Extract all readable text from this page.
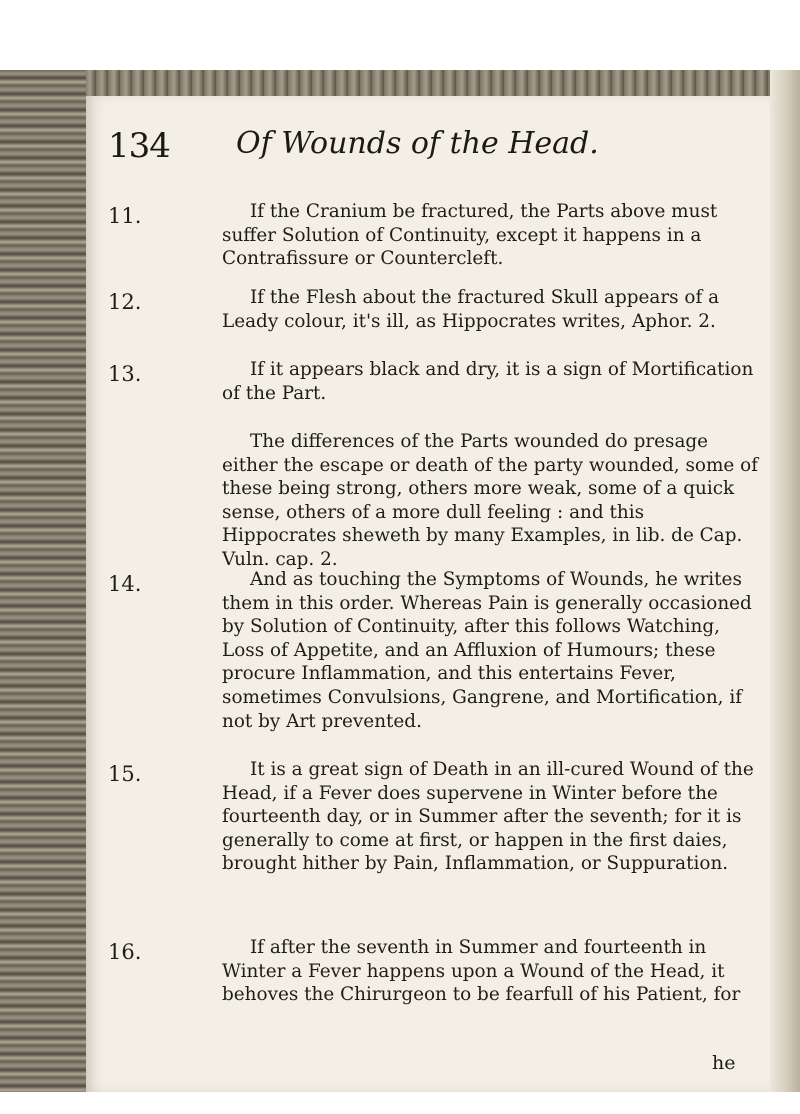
134 Of Wounds of the Head.
11.	If the Cranium be fractured, the Parts above must suffer Solution of Continuity, except it happens in a Contrafissure or Countercleft.
12.	If the Flesh about the fractured Skull appears of a Leady colour, it's ill, as Hippocrates writes, Aphor. 2.
13.	If it appears black and dry, it is a sign of Mortification of the Part.
The differences of the Parts wounded do presage either the escape or death of the party wounded, some of these being strong, others more weak, some of a quick sense, others of a more dull feeling : and this Hippocrates sheweth by many Examples, in lib. de Cap. Vuln. cap. 2.
14.	And as touching the Symptoms of Wounds, he writes them in this order. Whereas Pain is generally occasioned by Solution of Continuity, after this follows Watching, Loss of Appetite, and an Affluxion of Humours; these procure Inflammation, and this entertains Fever, sometimes Convulsions, Gangrene, and Mortification, if not by Art prevented.
15.	It is a great sign of Death in an ill-cured Wound of the Head, if a Fever does supervene in Winter before the fourteenth day, or in Summer after the seventh; for it is generally to come at first, or happen in the first daies, brought hither by Pain, Inflammation, or Suppuration.
16.	If after the seventh in Summer and fourteenth in Winter a Fever happens upon a Wound of the Head, it behoves the Chirurgeon to be fearfull of his Patient, for
he
